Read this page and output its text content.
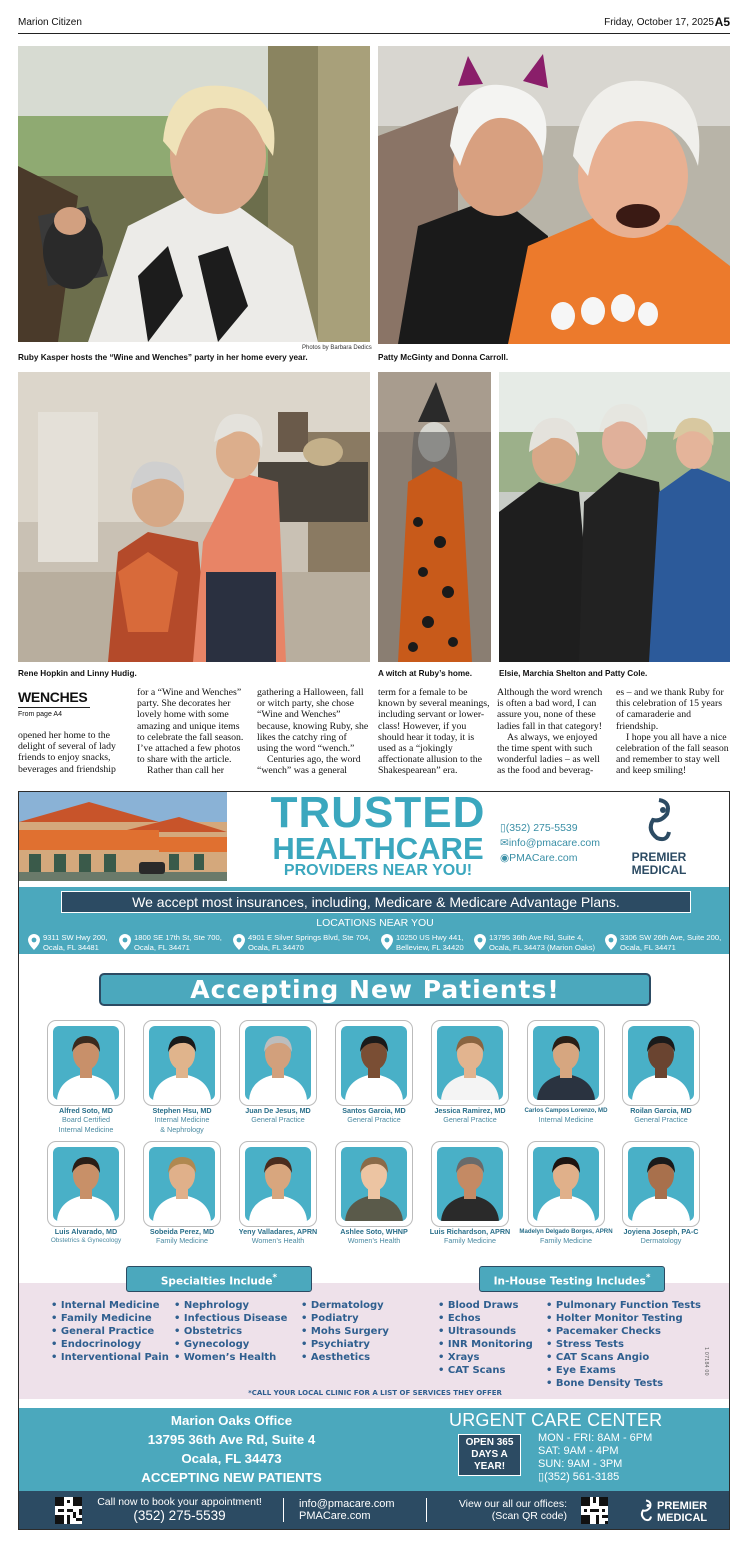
Marion Citizen	Friday, October 17, 2025 A5
Photos by Barbara Dedics
Ruby Kasper hosts the “Wine and Wenches” party in her home every year.	Patty McGinty and Donna Carroll.
Rene Hopkin and Linny Hudig.	A witch at Ruby’s home.	Elsie, Marchia Shelton and Patty Cole.
WENCHES
From page A4

opened her home to the delight of several of lady friends to enjoy snacks, beverages and friendship

for a “Wine and Wenches” party. She decorates her lovely home with some amazing and unique items to celebrate the fall season. I’ve attached a few photos to share with the article.

Rather than call her

gathering a Halloween, fall or witch party, she chose “Wine and Wenches” because, knowing Ruby, she likes the catchy ring of using the word “wench.”

Centuries ago, the word “wench” was a general

term for a female to be known by several meanings, including servant or lower-class! However, if you should hear it today, it is used as a “jokingly affectionate allusion to the Shakespearean” era.

Although the word wrench is often a bad word, I can assure you, none of these ladies fall in that category!

As always, we enjoyed the time spent with such wonderful ladies – as well as the food and beverag-

es – and we thank Ruby for this celebration of 15 years of camaraderie and friendship.

I hope you all have a nice celebration of the fall season and remember to stay well and keep smiling!

TRUSTED
HEALTHCARE
PROVIDERS NEAR YOU!
▯(352) 275-5539
✉info@pmacare.com
◉PMACare.com	PREMIER
MEDICAL
We accept most insurances, including, Medicare & Medicare Advantage Plans.
LOCATIONS NEAR YOU
9311 SW Hwy 200,
Ocala, FL 34481
1800 SE 17th St, Ste 700,
Ocala, FL 34471
4901 E Silver Springs Blvd, Ste 704,
Ocala, FL 34470
10250 US Hwy 441,
Belleview, FL 34420
13795 36th Ave Rd, Suite 4,
Ocala, FL 34473 (Marion Oaks)
3306 SW 26th Ave, Suite 200,
Ocala, FL 34471
Accepting New Patients!
Alfred Soto, MD
Board Certified
Internal Medicine
Stephen Hsu, MD
Internal Medicine
& Nephrology
Juan De Jesus, MD
General Practice
Santos Garcia, MD
General Practice
Jessica Ramirez, MD
General Practice
Carlos Campos Lorenzo, MD
Internal Medicine
Roilan Garcia, MD
General Practice
Luis Alvarado, MD
Obstetrics & Gynecology
Sobeida Perez, MD
Family Medicine
Yeny Valladares, APRN
Women’s Health
Ashlee Soto, WHNP
Women’s Health
Luis Richardson, APRN
Family Medicine
Madelyn Delgado Borges, APRN
Family Medicine
Joyiena Joseph, PA-C
Dermatology
Specialties Include*	In-House Testing Includes*
• Internal Medicine
• Family Medicine
• General Practice
• Endocrinology
• Interventional Pain
• Nephrology
• Infectious Disease
• Obstetrics
• Gynecology
• Women’s Health
• Dermatology
• Podiatry
• Mohs Surgery
• Psychiatry
• Aesthetics
• Blood Draws
• Echos
• Ultrasounds
• INR Monitoring
• Xrays
• CAT Scans
• Pulmonary Function Tests
• Holter Monitor Testing
• Pacemaker Checks
• Stress Tests
• CAT Scans Angio
• Eye Exams
• Bone Density Tests
1 07184 00
*CALL YOUR LOCAL CLINIC FOR A LIST OF SERVICES THEY OFFER
Marion Oaks Office
13795 36th Ave Rd, Suite 4
Ocala, FL 34473
ACCEPTING NEW PATIENTS
URGENT CARE CENTER
OPEN 365
DAYS A
YEAR!
MON - FRI: 8AM - 6PM
SAT: 9AM - 4PM
SUN: 9AM - 3PM
▯(352) 561-3185
Call now to book your appointment!
(352) 275-5539
info@pmacare.com
PMACare.com
View our all our offices:
(Scan QR code)
PREMIER
MEDICAL
